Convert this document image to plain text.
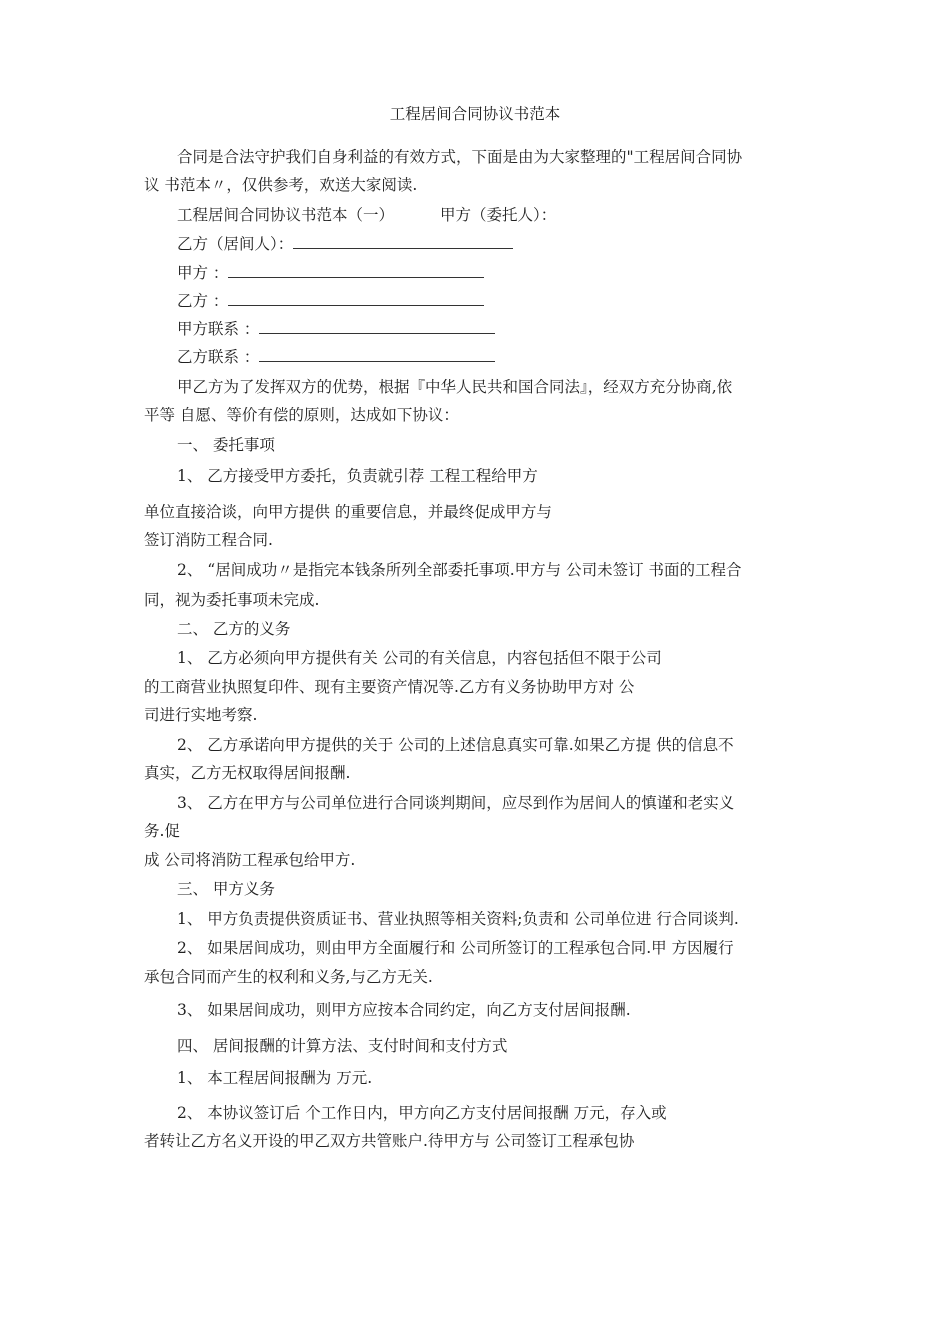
工程居间合同协议书范本
合同是合法守护我们自身利益的有效方式，下面是由为大家整理的"工程居间合同协
议 书范本〃，仅供参考，欢送大家阅读.
工程居间合同协议书范本（一）	甲方（委托人）：
乙方（居间人）：
甲方 ：
乙方 ：
甲方联系 ：
乙方联系 ：
甲乙方为了发挥双方的优势，根据『中华人民共和国合同法』，经双方充分协商,依
平等 自愿、等价有偿的原则，达成如下协议：
一、 委托事项
1、 乙方接受甲方委托，负责就引荐 工程工程给甲方
单位直接洽谈，向甲方提供 的重要信息，并最终促成甲方与
签订消防工程合同.
2、 “居间成功〃是指完本钱条所列全部委托事项.甲方与 公司未签订 书面的工程合
同，视为委托事项未完成.
二、 乙方的义务
1、 乙方必须向甲方提供有关 公司的有关信息，内容包括但不限于公司
的工商营业执照复印件、现有主要资产情况等.乙方有义务协助甲方对 公
司进行实地考察.
2、 乙方承诺向甲方提供的关于 公司的上述信息真实可靠.如果乙方提 供的信息不
真实，乙方无权取得居间报酬.
3、 乙方在甲方与公司单位进行合同谈判期间，应尽到作为居间人的慎谨和老实义
务.促
成 公司将消防工程承包给甲方.
三、 甲方义务
1、 甲方负责提供资质证书、营业执照等相关资料;负责和 公司单位进 行合同谈判.
2、 如果居间成功，则由甲方全面履行和 公司所签订的工程承包合同.甲 方因履行
承包合同而产生的权利和义务,与乙方无关.
3、 如果居间成功，则甲方应按本合同约定，向乙方支付居间报酬.
四、 居间报酬的计算方法、支付时间和支付方式
1、 本工程居间报酬为 万元.
2、 本协议签订后 个工作日内，甲方向乙方支付居间报酬 万元，存入或
者转让乙方名义开设的甲乙双方共管账户.待甲方与 公司签订工程承包协
